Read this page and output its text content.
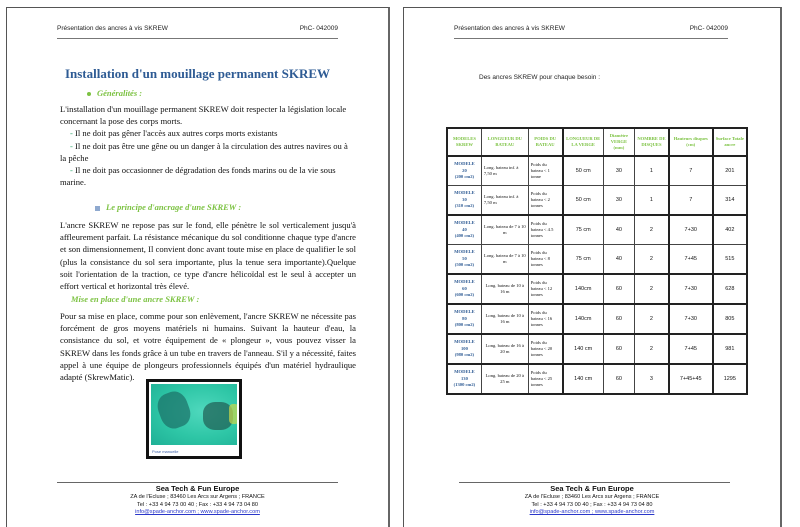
Présentation des ancres à vis SKREW	PhC- 042009
Installation d'un mouillage permanent SKREW
Généralités :
L'installation d'un mouillage permanent SKREW doit respecter la législation locale concernant la pose des corps morts.
- Il ne doit pas gêner l'accès aux autres corps morts existants
- Il ne doit pas être une gêne ou un danger à la circulation des autres navires ou à la pêche
- Il ne doit pas occasionner de dégradation des fonds marins ou de la vie sous marine.
Le principe d'ancrage d'une SKREW :
L'ancre SKREW ne repose pas sur le fond, elle pénètre le sol verticalement jusqu'à affleurement parfait. La résistance mécanique du sol conditionne chaque type d'ancre et son dimensionnement, Il convient donc avant toute mise en place de qualifier le sol (plus la consistance du sol sera importante, plus la tenue sera importante).Quelque soit l'orientation de la traction, ce type d'ancre hélicoïdal est le seul à accepter un effort vertical et horizontal très élevé.
Mise en place d'une ancre SKREW :
Pour sa mise en place, comme pour son enlèvement, l'ancre SKREW ne nécessite pas forcément de gros moyens matériels ni humains. Suivant la hauteur d'eau, la consistance du sol, et votre équipement de « plongeur », vous pouvez visser la SKREW dans les fonds grâce à un tube en travers de l'anneau. S'il y a nécessité, faites appel à une équipe de plongeurs professionnels équipés d'un matériel hydraulique adapté (SkrewMatic).
Sea Tech & Fun Europe
ZA de l'Ecluse ; 83460 Les Arcs sur Argens ; FRANCE
Tel : +33 4 94 73 00 40 ; Fax : +33 4 94 73 04 80
info@spade-anchor.com ; www.spade-anchor.com
Pose manuelle
Présentation des ancres à vis SKREW	PhC- 042009
Des ancres SKREW pour chaque besoin :
MODELES SKREW	LONGUEUR DU BATEAU	POIDS DU BATEAU	LONGUEUR DE LA VERGE	Diamètre VERGE (mm)	NOMBRE DE DISQUES	Hauteurs disques (cm)	Surface Totale ancre

MODELE
20
(200 cm2)	Long. bateau inf. à 7,50 m	Poids du bateau < 1 tonne	50 cm	30	1	7	201

MODELE
30
(310 cm2)	Long. bateau inf. à 7,50 m	Poids du bateau < 2 tonnes	50 cm	30	1	7	314

MODELE
40
(400 cm2)	Long. bateau de 7 à 10 m	Poids du bateau < 4.5 tonnes	75 cm	40	2	7+30	402

MODELE
50
(500 cm2)	Long. bateau de 7 à 10 m	Poids du bateau < 8 tonnes	75 cm	40	2	7+45	515

MODELE
60
(600 cm2)	Long. bateau de 10 à 16 m	Poids du bateau < 12 tonnes	140cm	60	2	7+30	628

MODELE
80
(800 cm2)	Long. bateau de 10 à 16 m	Poids du bateau < 16 tonnes	140cm	60	2	7+30	805

MODELE
100
(980 cm2)	Long. bateau de 16 à 20 m	Poids du bateau < 20 tonnes	140 cm	60	2	7+45	981

MODELE
130
(1300 cm2)	Long. bateau de 20 à 25 m	Poids du bateau < 25 tonnes	140 cm	60	3	7+45+45	1295
Sea Tech & Fun Europe
ZA de l'Ecluse ; 83460 Les Arcs sur Argens ; FRANCE
Tel : +33 4 94 73 00 40 ; Fax : +33 4 94 73 04 80
info@spade-anchor.com ; www.spade-anchor.com
